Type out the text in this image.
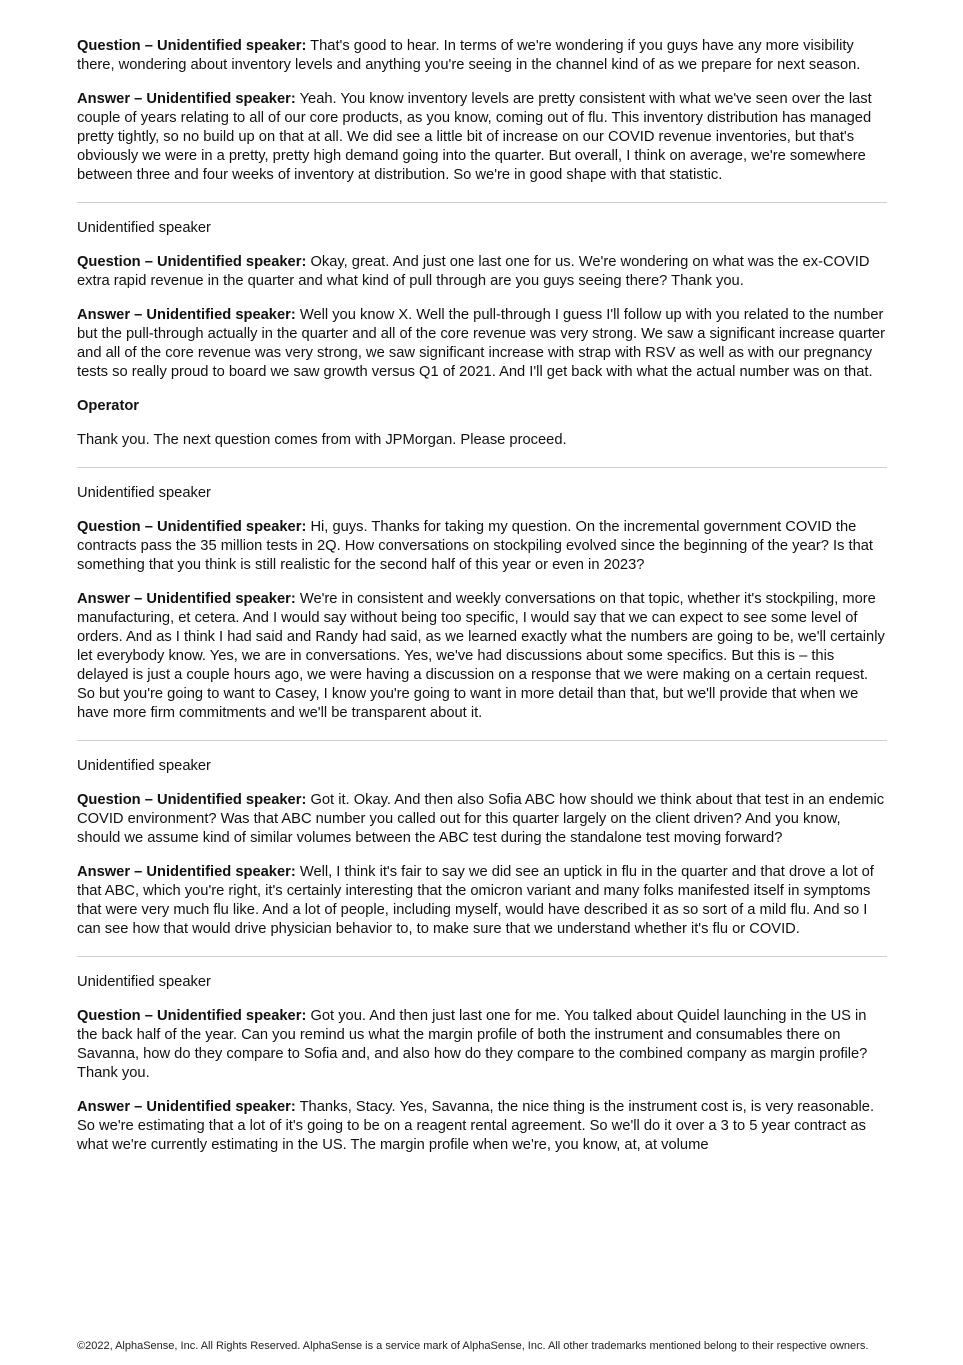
Question – Unidentified speaker: That's good to hear. In terms of we're wondering if you guys have any more visibility there, wondering about inventory levels and anything you're seeing in the channel kind of as we prepare for next season.

Answer – Unidentified speaker: Yeah. You know inventory levels are pretty consistent with what we've seen over the last couple of years relating to all of our core products, as you know, coming out of flu. This inventory distribution has managed pretty tightly, so no build up on that at all. We did see a little bit of increase on our COVID revenue inventories, but that's obviously we were in a pretty, pretty high demand going into the quarter. But overall, I think on average, we're somewhere between three and four weeks of inventory at distribution. So we're in good shape with that statistic.

Unidentified speaker

Question – Unidentified speaker: Okay, great. And just one last one for us. We're wondering on what was the ex-COVID extra rapid revenue in the quarter and what kind of pull through are you guys seeing there? Thank you.

Answer – Unidentified speaker: Well you know X. Well the pull-through I guess I'll follow up with you related to the number but the pull-through actually in the quarter and all of the core revenue was very strong. We saw a significant increase quarter and all of the core revenue was very strong, we saw significant increase with strap with RSV as well as with our pregnancy tests so really proud to board we saw growth versus Q1 of 2021. And I'll get back with what the actual number was on that.

Operator

Thank you. The next question comes from with JPMorgan. Please proceed.

Unidentified speaker

Question – Unidentified speaker: Hi, guys. Thanks for taking my question. On the incremental government COVID the contracts pass the 35 million tests in 2Q. How conversations on stockpiling evolved since the beginning of the year? Is that something that you think is still realistic for the second half of this year or even in 2023?

Answer – Unidentified speaker: We're in consistent and weekly conversations on that topic, whether it's stockpiling, more manufacturing, et cetera. And I would say without being too specific, I would say that we can expect to see some level of orders. And as I think I had said and Randy had said, as we learned exactly what the numbers are going to be, we'll certainly let everybody know. Yes, we are in conversations. Yes, we've had discussions about some specifics. But this is – this delayed is just a couple hours ago, we were having a discussion on a response that we were making on a certain request. So but you're going to want to Casey, I know you're going to want in more detail than that, but we'll provide that when we have more firm commitments and we'll be transparent about it.

Unidentified speaker

Question – Unidentified speaker: Got it. Okay. And then also Sofia ABC how should we think about that test in an endemic COVID environment? Was that ABC number you called out for this quarter largely on the client driven? And you know, should we assume kind of similar volumes between the ABC test during the standalone test moving forward?

Answer – Unidentified speaker: Well, I think it's fair to say we did see an uptick in flu in the quarter and that drove a lot of that ABC, which you're right, it's certainly interesting that the omicron variant and many folks manifested itself in symptoms that were very much flu like. And a lot of people, including myself, would have described it as so sort of a mild flu. And so I can see how that would drive physician behavior to, to make sure that we understand whether it's flu or COVID.

Unidentified speaker

Question – Unidentified speaker: Got you. And then just last one for me. You talked about Quidel launching in the US in the back half of the year. Can you remind us what the margin profile of both the instrument and consumables there on Savanna, how do they compare to Sofia and, and also how do they compare to the combined company as margin profile? Thank you.

Answer – Unidentified speaker: Thanks, Stacy. Yes, Savanna, the nice thing is the instrument cost is, is very reasonable. So we're estimating that a lot of it's going to be on a reagent rental agreement. So we'll do it over a 3 to 5 year contract as what we're currently estimating in the US. The margin profile when we're, you know, at, at volume

©2022, AlphaSense, Inc. All Rights Reserved. AlphaSense is a service mark of AlphaSense, Inc. All other trademarks mentioned belong to their respective owners.
